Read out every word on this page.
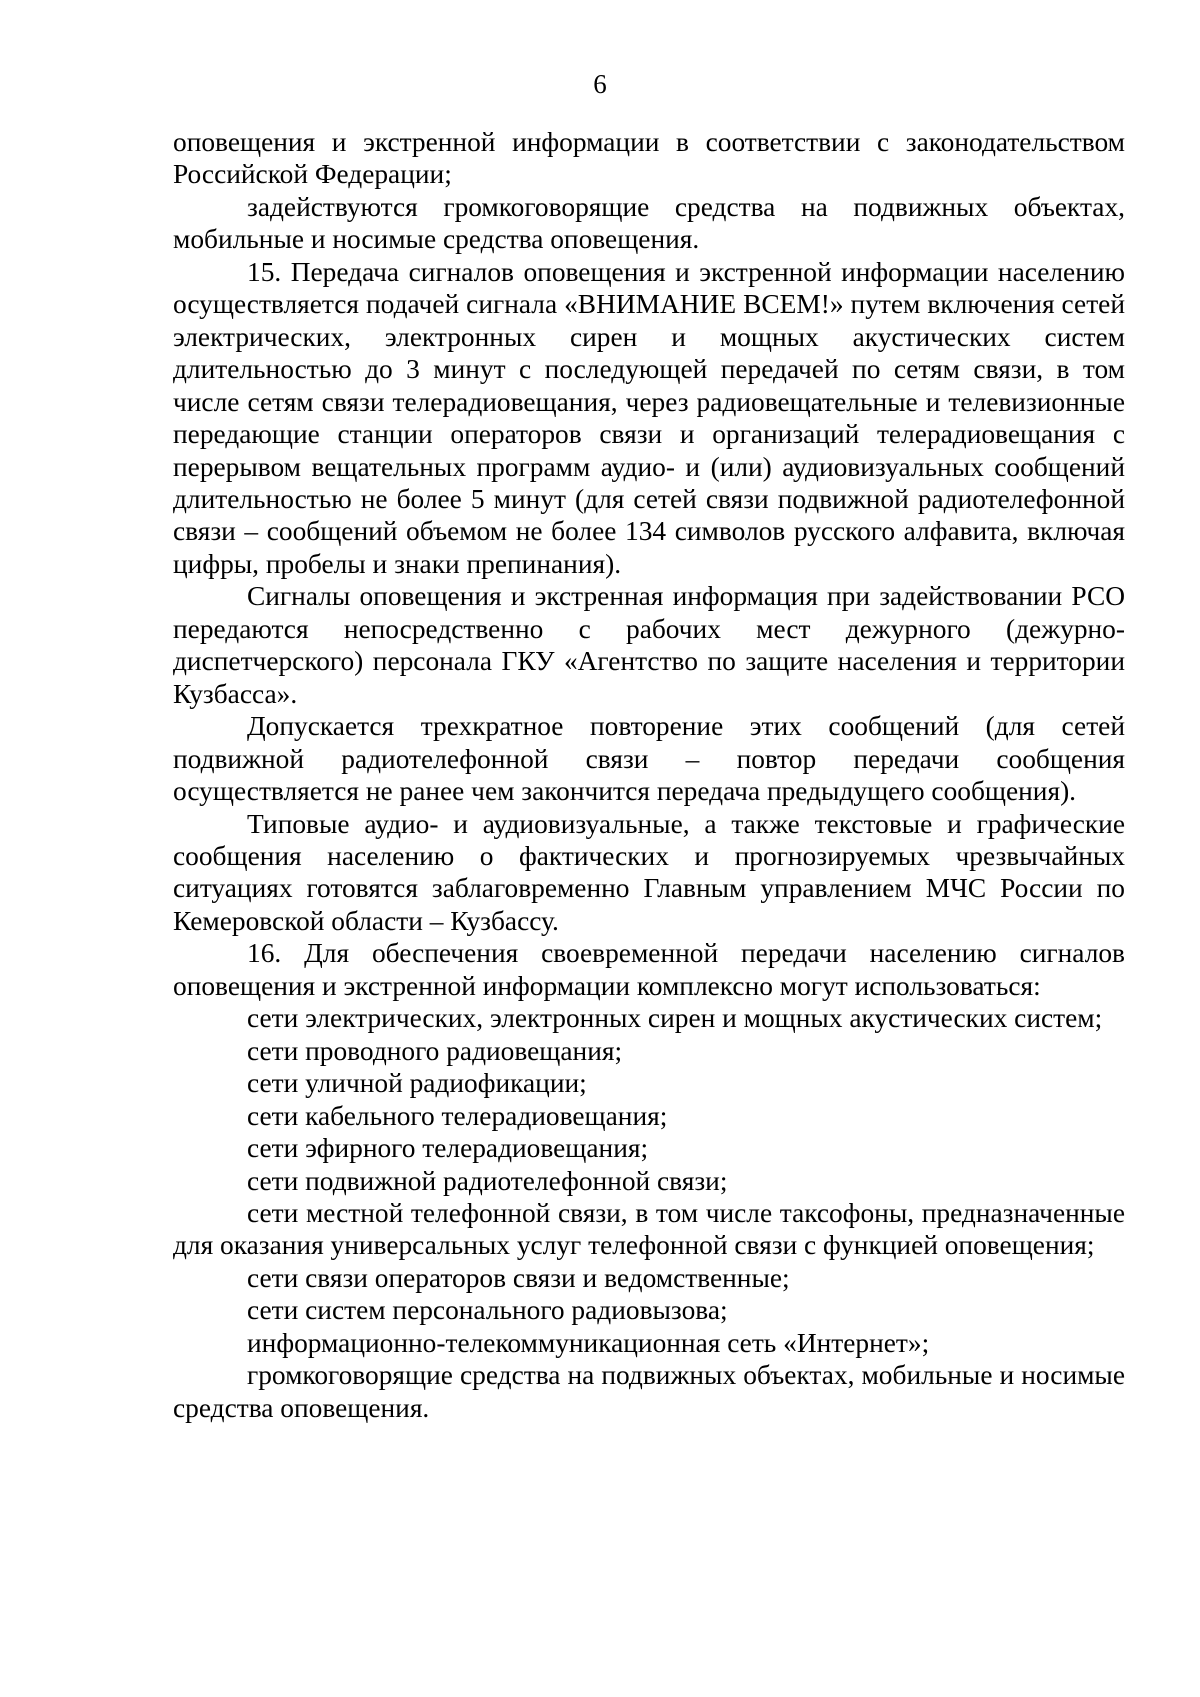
6

оповещения и экстренной информации в соответствии с законодательством Российской Федерации;

задействуются громкоговорящие средства на подвижных объектах, мобильные и носимые средства оповещения.

15. Передача сигналов оповещения и экстренной информации населению осуществляется подачей сигнала «ВНИМАНИЕ ВСЕМ!» путем включения сетей электрических, электронных сирен и мощных акустических систем длительностью до 3 минут с последующей передачей по сетям связи, в том числе сетям связи телерадиовещания, через радиовещательные и телевизионные передающие станции операторов связи и организаций телерадиовещания с перерывом вещательных программ аудио- и (или) аудиовизуальных сообщений длительностью не более 5 минут (для сетей связи подвижной радиотелефонной связи – сообщений объемом не более 134 символов русского алфавита, включая цифры, пробелы и знаки препинания).

Сигналы оповещения и экстренная информация при задействовании РСО передаются непосредственно с рабочих мест дежурного (дежурно-диспетчерского) персонала ГКУ «Агентство по защите населения и территории Кузбасса».

Допускается трехкратное повторение этих сообщений (для сетей подвижной радиотелефонной связи – повтор передачи сообщения осуществляется не ранее чем закончится передача предыдущего сообщения).

Типовые аудио- и аудиовизуальные, а также текстовые и графические сообщения населению о фактических и прогнозируемых чрезвычайных ситуациях готовятся заблаговременно Главным управлением МЧС России по Кемеровской области – Кузбассу.

16. Для обеспечения своевременной передачи населению сигналов оповещения и экстренной информации комплексно могут использоваться:

сети электрических, электронных сирен и мощных акустических систем;

сети проводного радиовещания;

сети уличной радиофикации;

сети кабельного телерадиовещания;

сети эфирного телерадиовещания;

сети подвижной радиотелефонной связи;

сети местной телефонной связи, в том числе таксофоны, предназначенные для оказания универсальных услуг телефонной связи с функцией оповещения;

сети связи операторов связи и ведомственные;

сети систем персонального радиовызова;

информационно-телекоммуникационная сеть «Интернет»;

громкоговорящие средства на подвижных объектах, мобильные и носимые средства оповещения.
